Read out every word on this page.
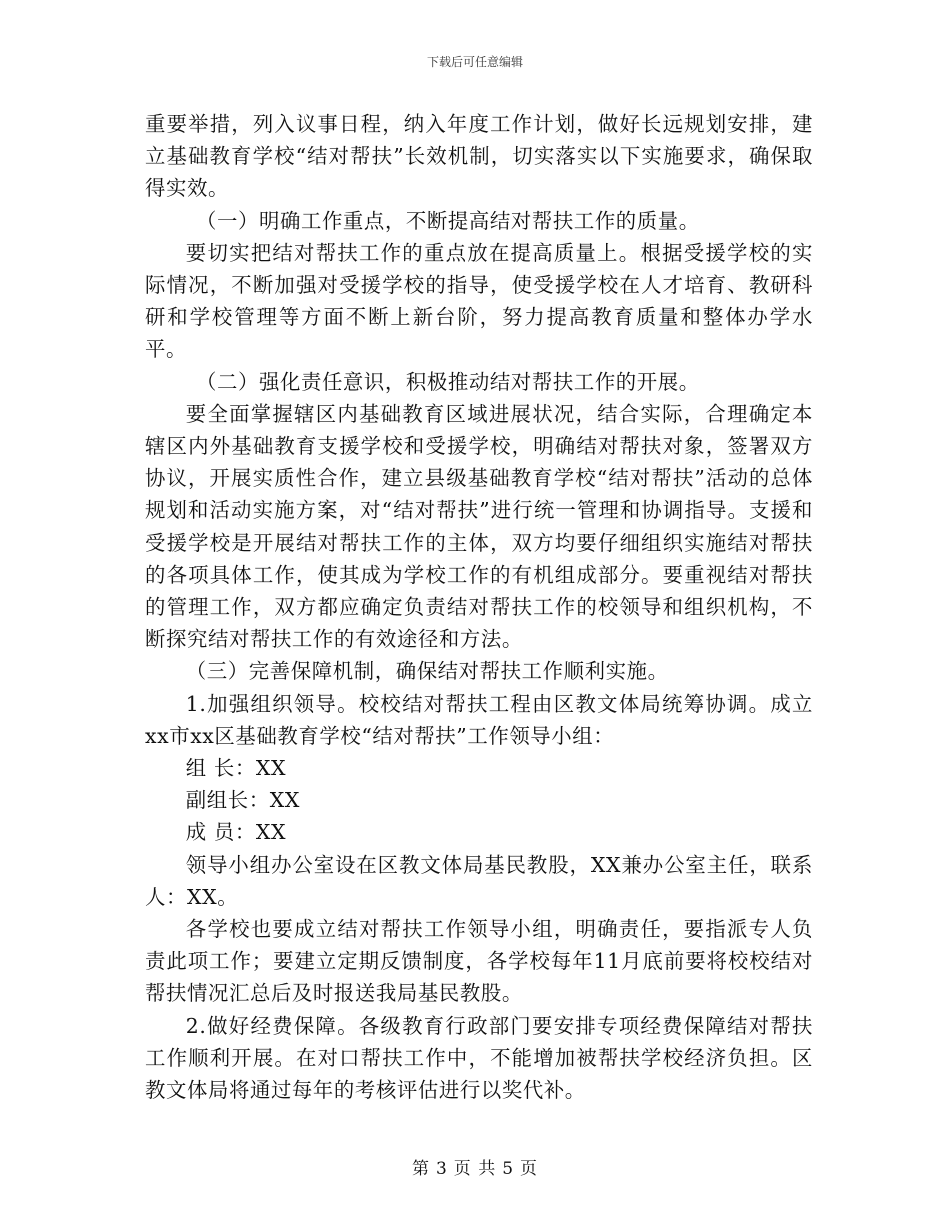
下载后可任意编辑

重要举措，列入议事日程，纳入年度工作计划，做好长远规划安排，建立基础教育学校“结对帮扶”长效机制，切实落实以下实施要求，确保取得实效。

（一）明确工作重点，不断提高结对帮扶工作的质量。

要切实把结对帮扶工作的重点放在提高质量上。根据受援学校的实际情况，不断加强对受援学校的指导，使受援学校在人才培育、教研科研和学校管理等方面不断上新台阶，努力提高教育质量和整体办学水平。

（二）强化责任意识，积极推动结对帮扶工作的开展。

要全面掌握辖区内基础教育区域进展状况，结合实际，合理确定本辖区内外基础教育支援学校和受援学校，明确结对帮扶对象，签署双方协议，开展实质性合作，建立县级基础教育学校“结对帮扶”活动的总体规划和活动实施方案，对“结对帮扶”进行统一管理和协调指导。支援和受援学校是开展结对帮扶工作的主体，双方均要仔细组织实施结对帮扶的各项具体工作，使其成为学校工作的有机组成部分。要重视结对帮扶的管理工作，双方都应确定负责结对帮扶工作的校领导和组织机构，不断探究结对帮扶工作的有效途径和方法。

（三）完善保障机制，确保结对帮扶工作顺利实施。

1.加强组织领导。校校结对帮扶工程由区教文体局统筹协调。成立xx市xx区基础教育学校“结对帮扶”工作领导小组：

组 长：XX

副组长：XX

成 员：XX

领导小组办公室设在区教文体局基民教股，XX兼办公室主任，联系人：XX。

各学校也要成立结对帮扶工作领导小组，明确责任，要指派专人负责此项工作；要建立定期反馈制度，各学校每年11月底前要将校校结对帮扶情况汇总后及时报送我局基民教股。

2.做好经费保障。各级教育行政部门要安排专项经费保障结对帮扶工作顺利开展。在对口帮扶工作中，不能增加被帮扶学校经济负担。区教文体局将通过每年的考核评估进行以奖代补。

第 3 页 共 5 页
